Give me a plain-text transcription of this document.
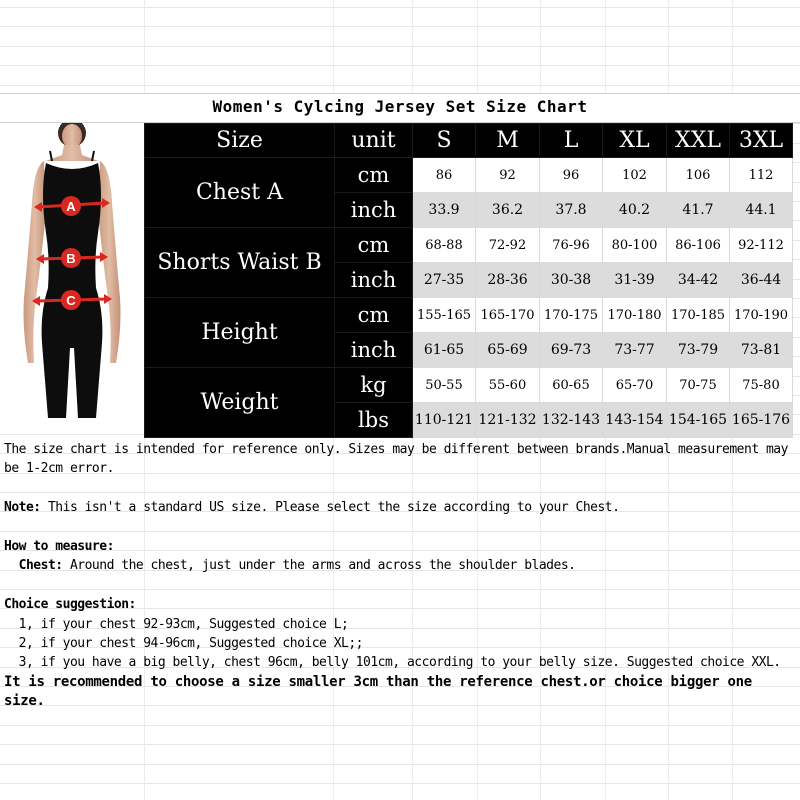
Women's Cylcing Jersey Set Size Chart
A
B
C
Size	unit	S	M	L	XL	XXL	3XL
Chest A	cm	86	92	96	102	106	112
	inch	33.9	36.2	37.8	40.2	41.7	44.1
Shorts Waist B	cm	68-88	72-92	76-96	80-100	86-106	92-112
	inch	27-35	28-36	30-38	31-39	34-42	36-44
Height	cm	155-165	165-170	170-175	170-180	170-185	170-190
	inch	61-65	65-69	69-73	73-77	73-79	73-81
Weight	kg	50-55	55-60	60-65	65-70	70-75	75-80
	lbs	110-121	121-132	132-143	143-154	154-165	165-176
The size chart is intended for reference only. Sizes may be different between brands.Manual measurement may be 1-2cm error.

Note: This isn't a standard US size. Please select the size according to your Chest.

How to measure:
Chest: Around the chest, just under the arms and across the shoulder blades.

Choice suggestion:
1, if your chest 92-93cm, Suggested choice L;
2, if your chest 94-96cm, Suggested choice XL;;
3, if you have a big belly, chest 96cm, belly 101cm, according to your belly size. Suggested choice XXL.
It is recommended to choose a size smaller 3cm than the reference chest.or choice bigger one size.
